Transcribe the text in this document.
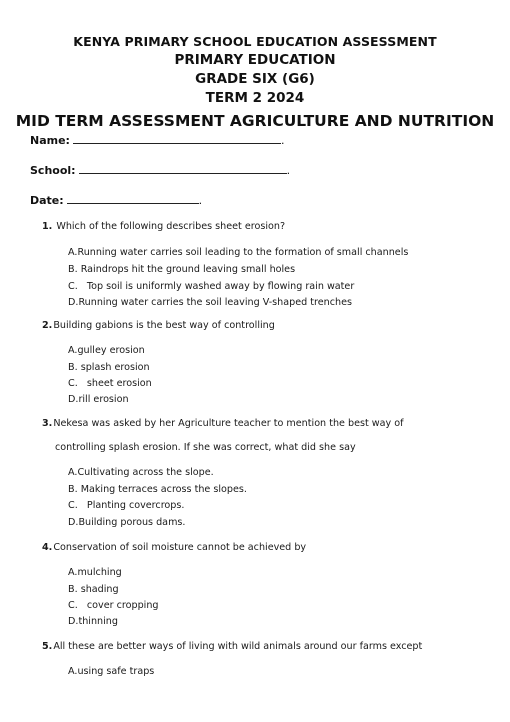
KENYA PRIMARY SCHOOL EDUCATION ASSESSMENT
PRIMARY EDUCATION
GRADE SIX (G6)
TERM 2 2024
MID TERM ASSESSMENT AGRICULTURE AND NUTRITION
Name:	.
School:	.
Date:	.
1. Which of the following describes sheet erosion?
A.Running water carries soil leading to the formation of small channels
B. Raindrops hit the ground leaving small holes
C. Top soil is uniformly washed away by flowing rain water
D.Running water carries the soil leaving V-shaped trenches
2.Building gabions is the best way of controlling
A.gulley erosion
B. splash erosion
C. sheet erosion
D.rill erosion
3.Nekesa was asked by her Agriculture teacher to mention the best way of
controlling splash erosion. If she was correct, what did she say
A.Cultivating across the slope.
B. Making terraces across the slopes.
C. Planting covercrops.
D.Building porous dams.
4.Conservation of soil moisture cannot be achieved by
A.mulching
B. shading
C. cover cropping
D.thinning
5.All these are better ways of living with wild animals around our farms except
A.using safe traps
